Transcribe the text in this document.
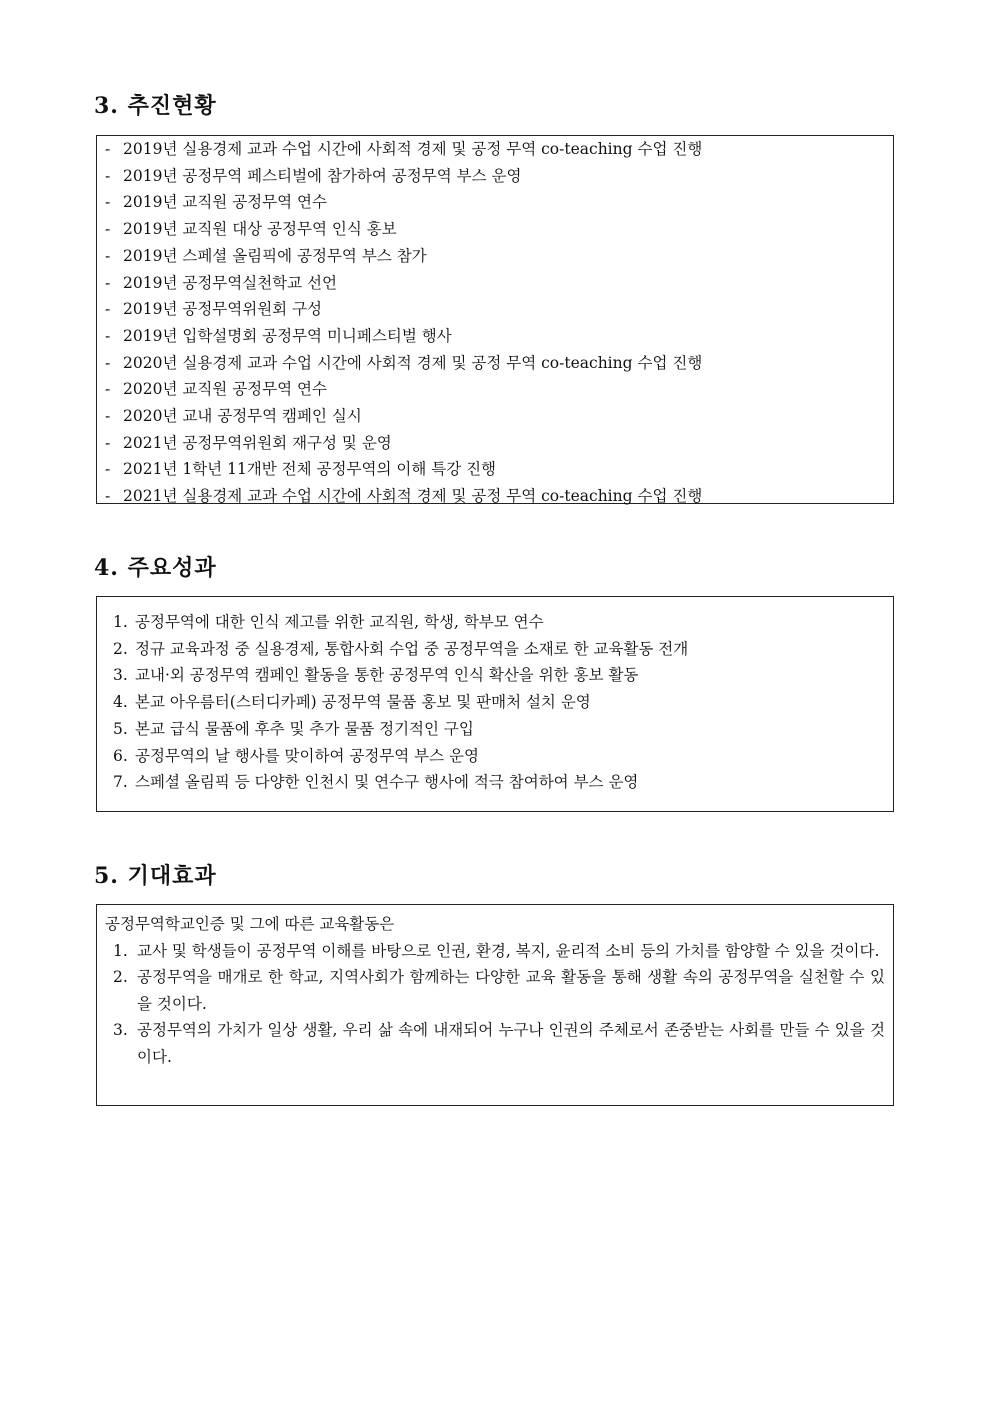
3. 추진현황
- 2019년 실용경제 교과 수업 시간에 사회적 경제 및 공정 무역 co-teaching 수업 진행
- 2019년 공정무역 페스티벌에 참가하여 공정무역 부스 운영
- 2019년 교직원 공정무역 연수
- 2019년 교직원 대상 공정무역 인식 홍보
- 2019년 스페셜 올림픽에 공정무역 부스 참가
- 2019년 공정무역실천학교 선언
- 2019년 공정무역위원회 구성
- 2019년 입학설명회 공정무역 미니페스티벌 행사
- 2020년 실용경제 교과 수업 시간에 사회적 경제 및 공정 무역 co-teaching 수업 진행
- 2020년 교직원 공정무역 연수
- 2020년 교내 공정무역 캠페인 실시
- 2021년 공정무역위원회 재구성 및 운영
- 2021년 1학년 11개반 전체 공정무역의 이해 특강 진행
- 2021년 실용경제 교과 수업 시간에 사회적 경제 및 공정 무역 co-teaching 수업 진행
4. 주요성과
1. 공정무역에 대한 인식 제고를 위한 교직원, 학생, 학부모 연수
2. 정규 교육과정 중 실용경제, 통합사회 수업 중 공정무역을 소재로 한 교육활동 전개
3. 교내·외 공정무역 캠페인 활동을 통한 공정무역 인식 확산을 위한 홍보 활동
4. 본교 아우름터(스터디카페) 공정무역 물품 홍보 및 판매처 설치 운영
5. 본교 급식 물품에 후추 및 추가 물품 정기적인 구입
6. 공정무역의 날 행사를 맞이하여 공정무역 부스 운영
7. 스페셜 올림픽 등 다양한 인천시 및 연수구 행사에 적극 참여하여 부스 운영
5. 기대효과
공정무역학교인증 및 그에 따른 교육활동은
1. 교사 및 학생들이 공정무역 이해를 바탕으로 인권, 환경, 복지, 윤리적 소비 등의 가치를 함양할 수 있을 것이다.
2. 공정무역을 매개로 한 학교, 지역사회가 함께하는 다양한 교육 활동을 통해 생활 속의 공정무역을 실천할 수 있을 것이다.
3. 공정무역의 가치가 일상 생활, 우리 삶 속에 내재되어 누구나 인권의 주체로서 존중받는 사회를 만들 수 있을 것이다.
